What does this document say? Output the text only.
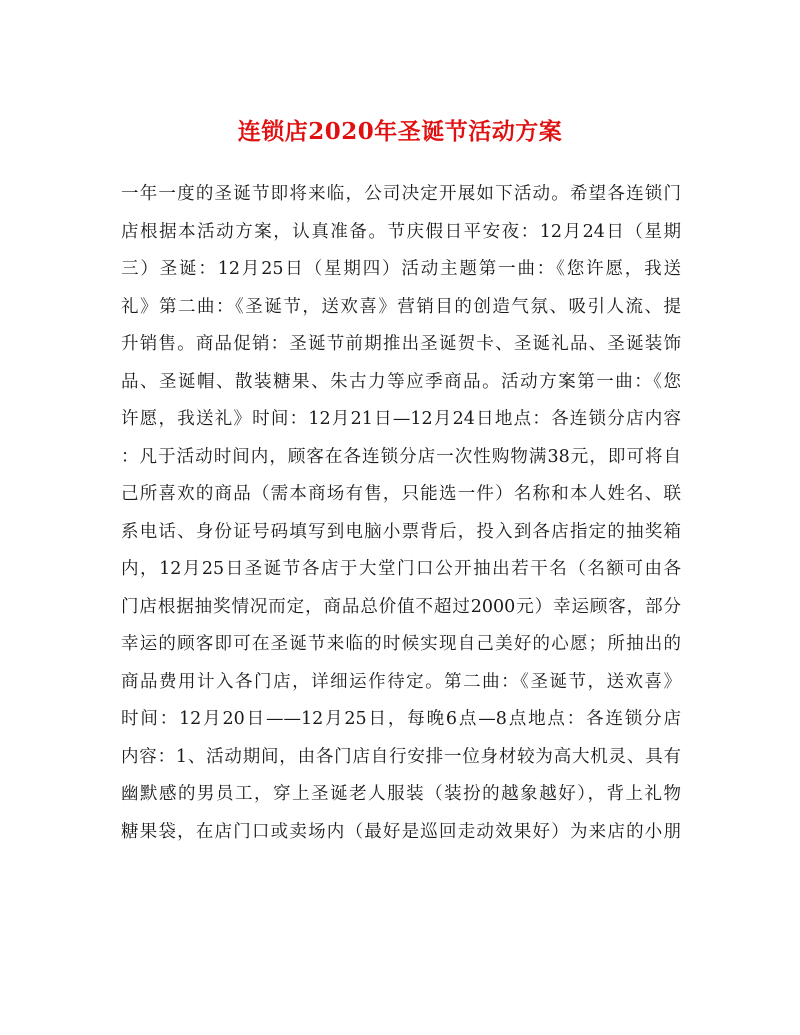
连锁店2020年圣诞节活动方案
一年一度的圣诞节即将来临，公司决定开展如下活动。希望各连锁门
店根据本活动方案，认真准备。节庆假日平安夜：12月24日（星期
三）圣诞：12月25日（星期四）活动主题第一曲：《您许愿，我送
礼》第二曲：《圣诞节，送欢喜》营销目的创造气氛、吸引人流、提
升销售。商品促销：圣诞节前期推出圣诞贺卡、圣诞礼品、圣诞装饰
品、圣诞帽、散装糖果、朱古力等应季商品。活动方案第一曲：《您
许愿，我送礼》时间：12月21日—12月24日地点：各连锁分店内容
：凡于活动时间内，顾客在各连锁分店一次性购物满38元，即可将自
己所喜欢的商品（需本商场有售，只能选一件）名称和本人姓名、联
系电话、身份证号码填写到电脑小票背后，投入到各店指定的抽奖箱
内，12月25日圣诞节各店于大堂门口公开抽出若干名（名额可由各
门店根据抽奖情况而定，商品总价值不超过2000元）幸运顾客，部分
幸运的顾客即可在圣诞节来临的时候实现自己美好的心愿；所抽出的
商品费用计入各门店，详细运作待定。第二曲：《圣诞节，送欢喜》
时间：12月20日——12月25日，每晚6点—8点地点：各连锁分店
内容：1、活动期间，由各门店自行安排一位身材较为高大机灵、具有
幽默感的男员工，穿上圣诞老人服装（装扮的越象越好），背上礼物
糖果袋，在店门口或卖场内（最好是巡回走动效果好）为来店的小朋
